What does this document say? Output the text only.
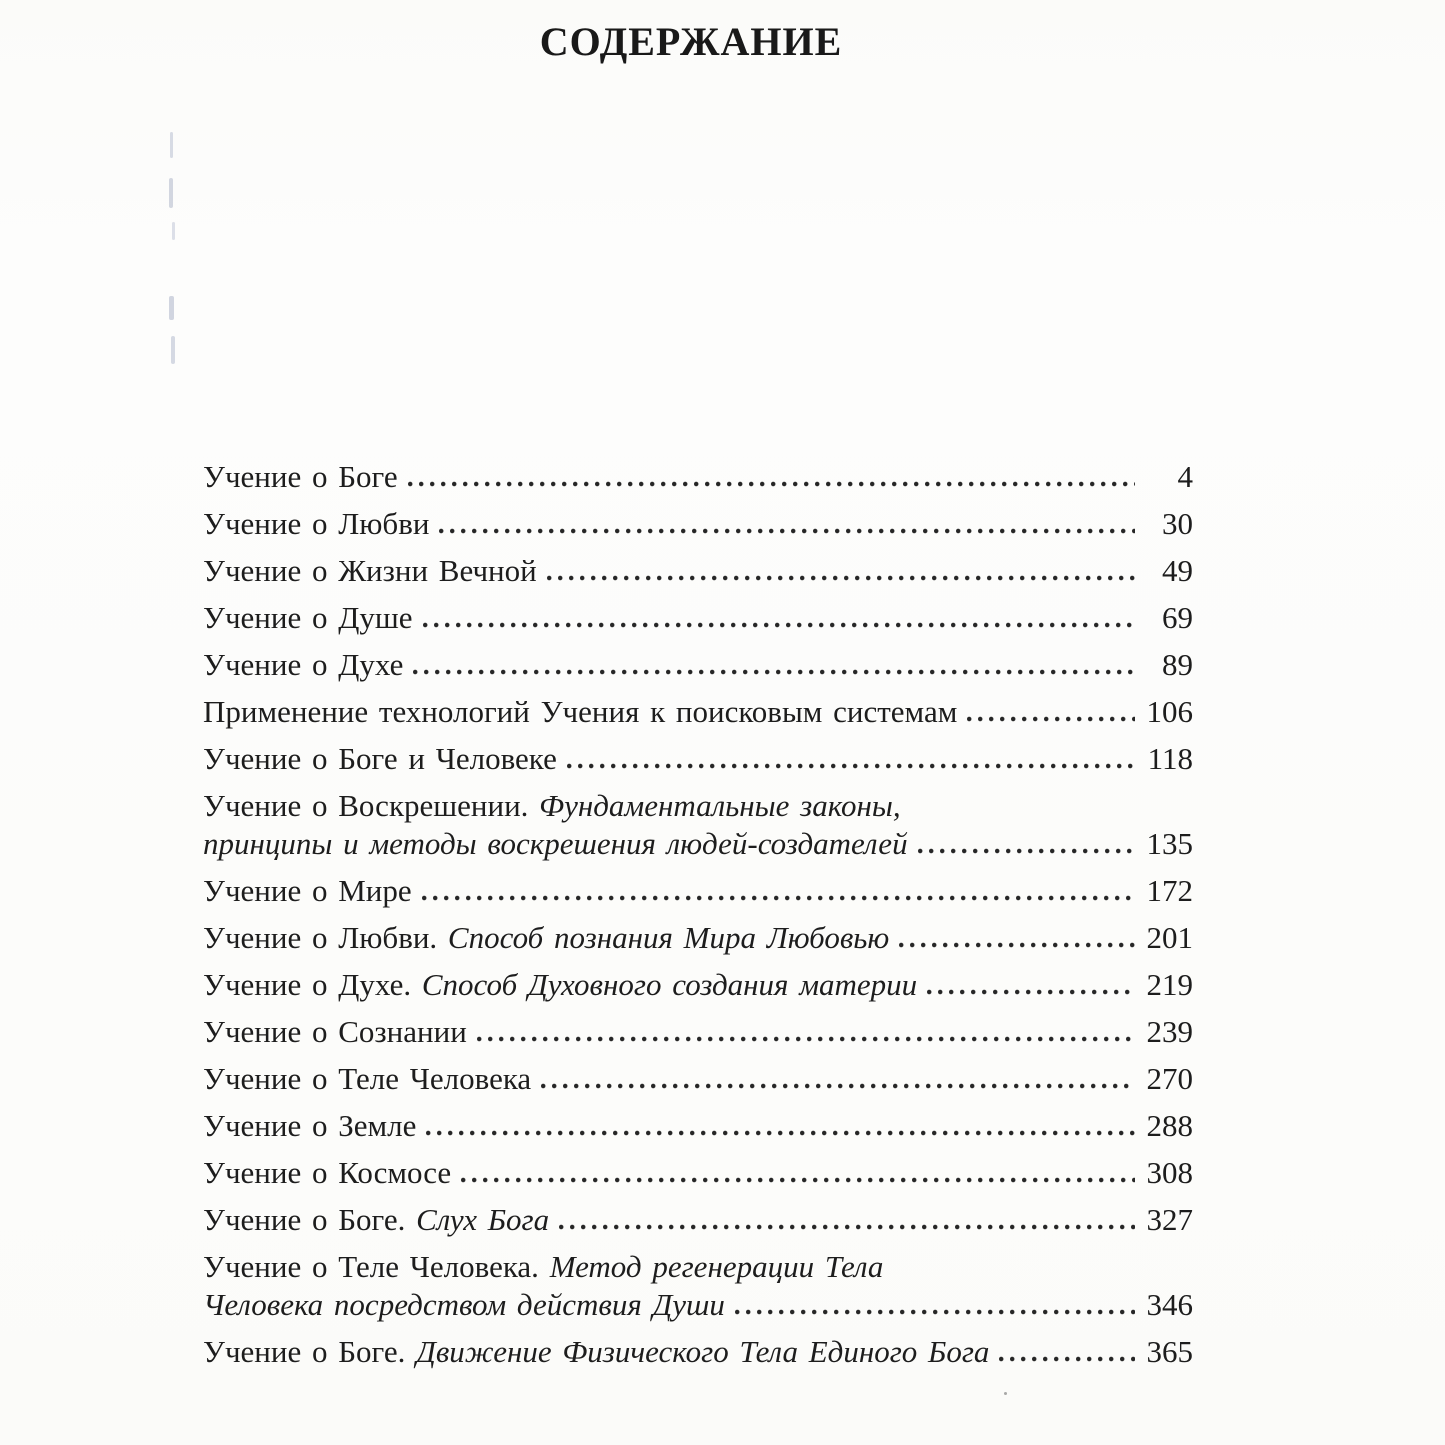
СОДЕРЖАНИЕ
Учение о Боге	4
Учение о Любви	30
Учение о Жизни Вечной	49
Учение о Душе	69
Учение о Духе	89
Применение технологий Учения к поисковым системам	106
Учение о Боге и Человеке	118
Учение о Воскрешении. Фундаментальные законы,
принципы и методы воскрешения людей-создателей	135
Учение о Мире	172
Учение о Любви. Способ познания Мира Любовью	201
Учение о Духе. Способ Духовного создания материи	219
Учение о Сознании	239
Учение о Теле Человека	270
Учение о Земле	288
Учение о Космосе	308
Учение о Боге. Слух Бога	327
Учение о Теле Человека. Метод регенерации Тела
Человека посредством действия Души	346
Учение о Боге. Движение Физического Тела Единого Бога	365
